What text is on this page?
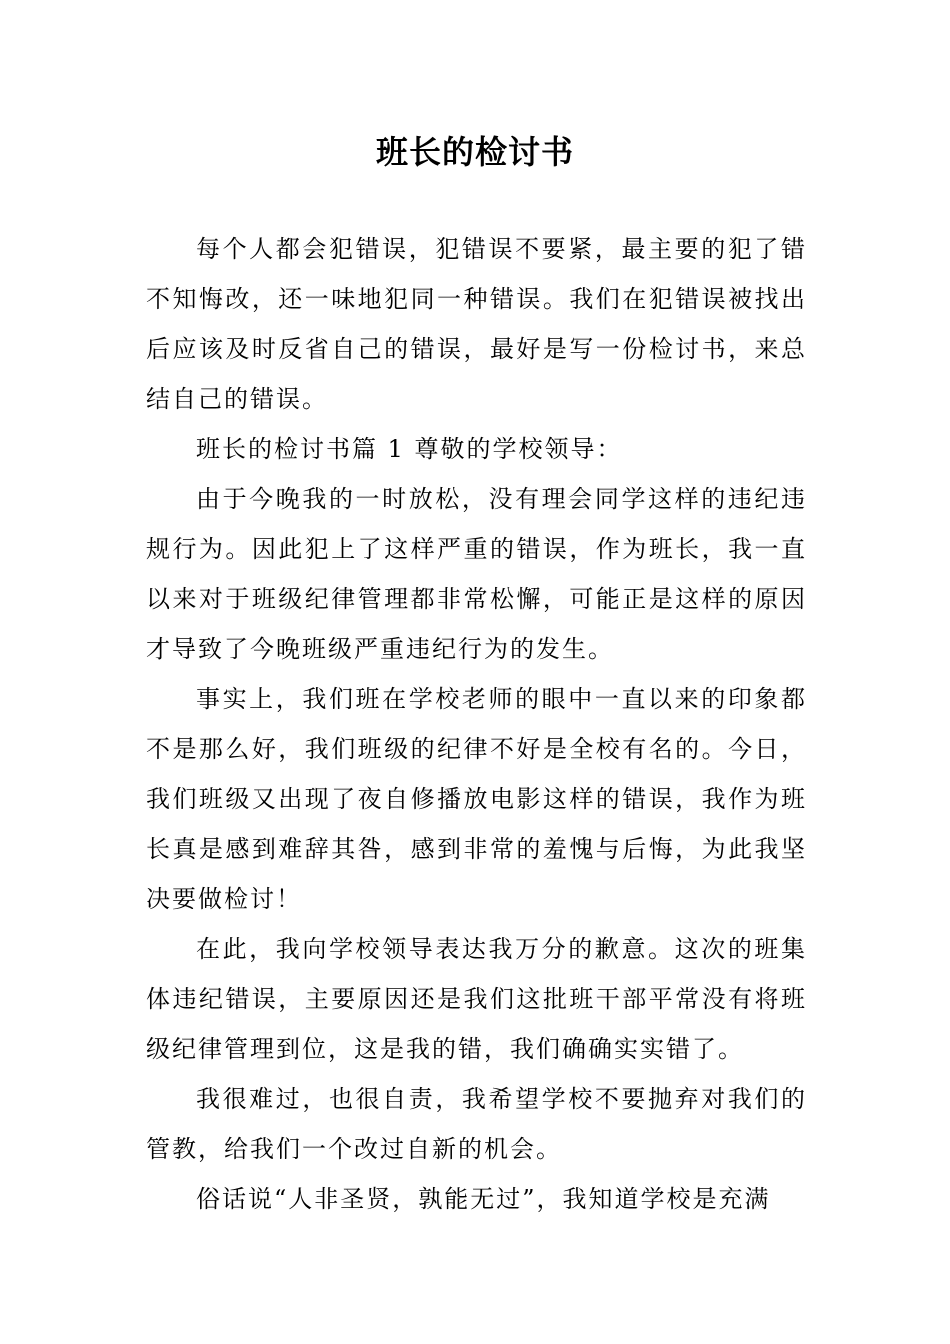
班长的检讨书

每个人都会犯错误，犯错误不要紧，最主要的犯了错不知悔改，还一味地犯同一种错误。我们在犯错误被找出后应该及时反省自己的错误，最好是写一份检讨书，来总结自己的错误。

班长的检讨书篇 1 尊敬的学校领导：

由于今晚我的一时放松，没有理会同学这样的违纪违规行为。因此犯上了这样严重的错误，作为班长，我一直以来对于班级纪律管理都非常松懈，可能正是这样的原因才导致了今晚班级严重违纪行为的发生。

事实上，我们班在学校老师的眼中一直以来的印象都不是那么好，我们班级的纪律不好是全校有名的。今日，我们班级又出现了夜自修播放电影这样的错误，我作为班长真是感到难辞其咎，感到非常的羞愧与后悔，为此我坚决要做检讨！

在此，我向学校领导表达我万分的歉意。这次的班集体违纪错误，主要原因还是我们这批班干部平常没有将班级纪律管理到位，这是我的错，我们确确实实错了。

我很难过，也很自责，我希望学校不要抛弃对我们的管教，给我们一个改过自新的机会。

俗话说“人非圣贤，孰能无过”，我知道学校是充满
